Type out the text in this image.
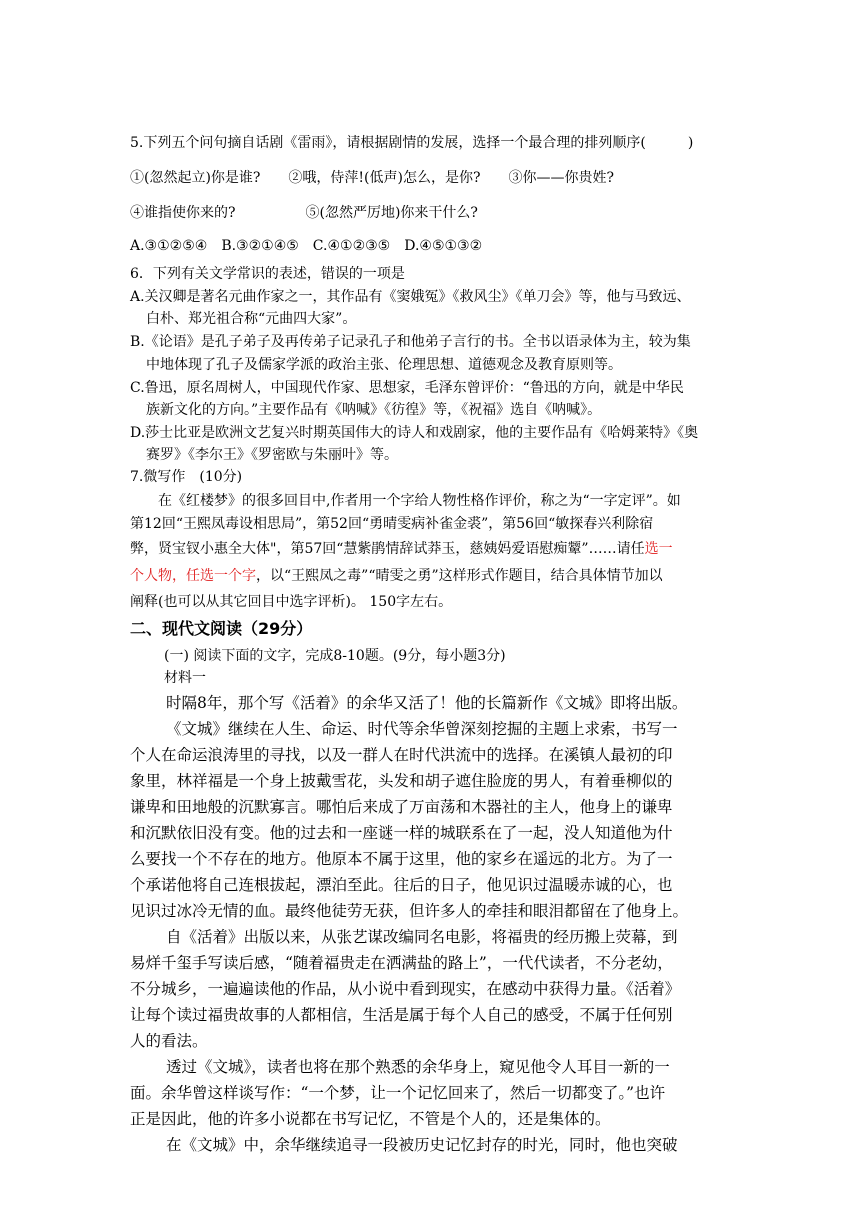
5.下列五个问句摘自话剧《雷雨》，请根据剧情的发展，选择一个最合理的排列顺序(　　　)
①(忽然起立)你是谁?　　②哦，侍萍!(低声)怎么，是你?　　③你——你贵姓?
④谁指使你来的?　　　　　⑤(忽然严厉地)你来干什么?
A.③①②⑤④　B.③②①④⑤　C.④①②③⑤　D.④⑤①③②
6．下列有关文学常识的表述，错误的一项是
A.关汉卿是著名元曲作家之一，其作品有《窦娥冤》《救风尘》《单刀会》等，他与马致远、
白朴、郑光祖合称“元曲四大家”。
B.《论语》是孔子弟子及再传弟子记录孔子和他弟子言行的书。全书以语录体为主，较为集
中地体现了孔子及儒家学派的政治主张、伦理思想、道德观念及教育原则等。
C.鲁迅，原名周树人，中国现代作家、思想家，毛泽东曾评价：“鲁迅的方向，就是中华民
族新文化的方向。”主要作品有《呐喊》《彷徨》等，《祝福》选自《呐喊》。
D.莎士比亚是欧洲文艺复兴时期英国伟大的诗人和戏剧家，他的主要作品有《哈姆莱特》《奥
赛罗》《李尔王》《罗密欧与朱丽叶》等。
7.微写作　(10分)
在《红楼梦》的很多回目中,作者用一个字给人物性格作评价，称之为“一字定评”。如
第12回“王熙凤毒设相思局”，第52回“勇晴雯病补雀金裘”，第56回“敏探春兴利除宿
弊，贤宝钗小惠全大体"，第57回“慧紫鹃情辞试莽玉，慈姨妈爱语慰痴颦”……请任选一
个人物，任选一个字，以“王熙凤之毒”“晴雯之勇”这样形式作题目，结合具体情节加以
阐释(也可以从其它回目中选字评析)。 150字左右。
二、现代文阅读（29分）
(一) 阅读下面的文字，完成8-10题。(9分，每小题3分)
材料一
时隔8年，那个写《活着》的余华又活了！他的长篇新作《文城》即将出版。
《文城》继续在人生、命运、时代等余华曾深刻挖掘的主题上求索，书写一
个人在命运浪涛里的寻找，以及一群人在时代洪流中的选择。在溪镇人最初的印
象里，林祥福是一个身上披戴雪花，头发和胡子遮住脸庞的男人，有着垂柳似的
谦卑和田地般的沉默寡言。哪怕后来成了万亩荡和木器社的主人，他身上的谦卑
和沉默依旧没有变。他的过去和一座谜一样的城联系在了一起，没人知道他为什
么要找一个不存在的地方。他原本不属于这里，他的家乡在遥远的北方。为了一
个承诺他将自己连根拔起，漂泊至此。往后的日子，他见识过温暖赤诚的心，也
见识过冰冷无情的血。最终他徒劳无获，但许多人的牵挂和眼泪都留在了他身上。
自《活着》出版以来，从张艺谋改编同名电影，将福贵的经历搬上荧幕，到
易烊千玺手写读后感，“随着福贵走在洒满盐的路上”，一代代读者，不分老幼，
不分城乡，一遍遍读他的作品，从小说中看到现实，在感动中获得力量。《活着》
让每个读过福贵故事的人都相信，生活是属于每个人自己的感受，不属于任何别
人的看法。
透过《文城》，读者也将在那个熟悉的余华身上，窥见他令人耳目一新的一
面。余华曾这样谈写作：“一个梦，让一个记忆回来了，然后一切都变了。”也许
正是因此，他的许多小说都在书写记忆，不管是个人的，还是集体的。
在《文城》中，余华继续追寻一段被历史记忆封存的时光，同时，他也突破
